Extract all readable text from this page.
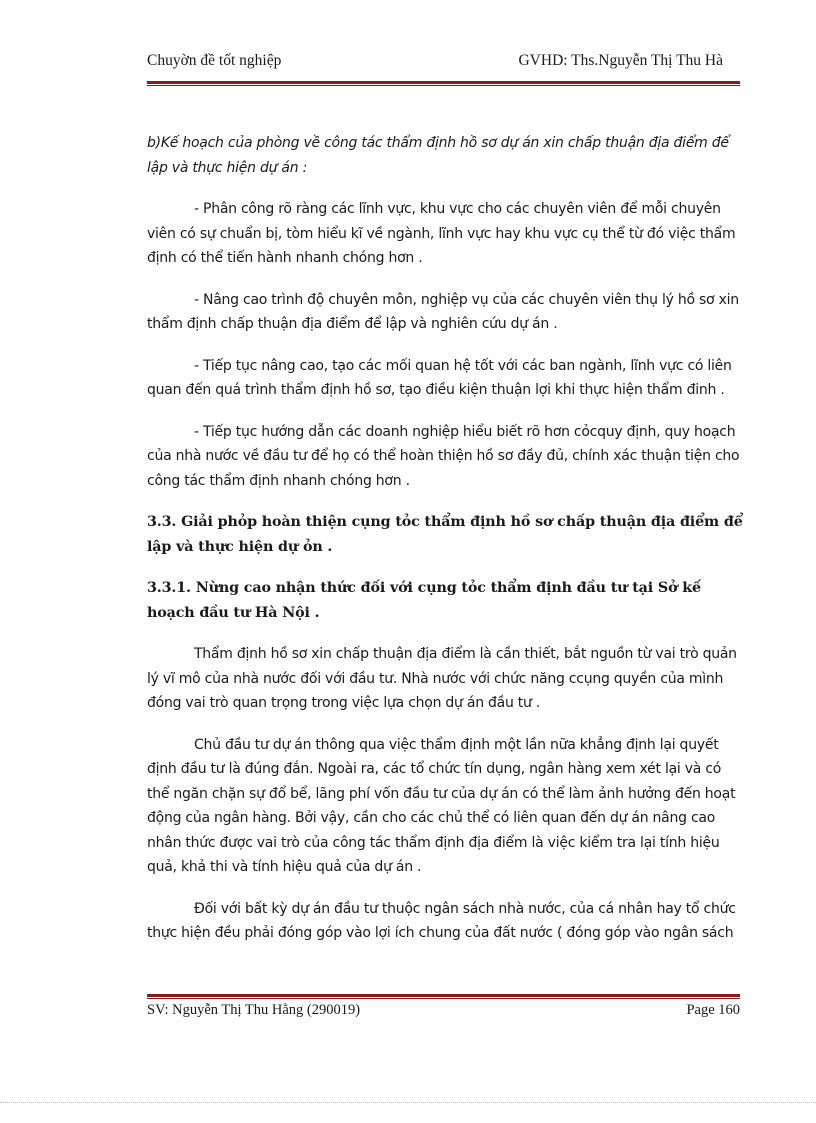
Chuyờn đề tốt nghiệp	GVHD: Ths.Nguyễn Thị Thu Hà

b)Kế hoạch của phòng về công tác thẩm định hồ sơ dự án xin chấp thuận địa điểm để lập và thực hiện dự án :

- Phân công rõ ràng các lĩnh vực, khu vực cho các chuyên viên để mỗi chuyên viên có sự chuẩn bị, tòm hiểu kĩ về ngành, lĩnh vực hay khu vực cụ thể từ đó việc thẩm định có thể tiến hành nhanh chóng hơn .

- Nâng cao trình độ chuyên môn, nghiệp vụ của các chuyên viên thụ lý hồ sơ xin thẩm định chấp thuận địa điểm để lập và nghiên cứu dự án .

- Tiếp tục nâng cao, tạo các mối quan hệ tốt với các ban ngành, lĩnh vực có liên quan đến quá trình thẩm định hồ sơ, tạo điều kiện thuận lợi khi thực hiện thẩm đinh .

- Tiếp tục hướng dẫn các doanh nghiệp hiểu biết rõ hơn cỏcquy định, quy hoạch của nhà nước về đầu tư để họ có thể hoàn thiện hồ sơ đầy đủ, chính xác thuận tiện cho công tác thẩm định nhanh chóng hơn .

3.3. Giải phỏp hoàn thiện cụng tỏc thẩm định hồ sơ chấp thuận địa điểm để lập và thực hiện dự ỏn .

3.3.1. Nừng cao nhận thức đối với cụng tỏc thẩm định đầu tư tại Sở kế hoạch đầu tư Hà Nội .

Thẩm định hồ sơ xin chấp thuận địa điểm là cần thiết, bắt nguồn từ vai trò quản lý vĩ mô của nhà nước đối với đầu tư. Nhà nước với chức năng ccụng quyền của mình đóng vai trò quan trọng trong việc lựa chọn dự án đầu tư .

Chủ đầu tư dự án thông qua việc thẩm định một lần nữa khẳng định lại quyết định đầu tư là đúng đắn. Ngoài ra, các tổ chức tín dụng, ngân hàng xem xét lại và có thể ngăn chặn sự đổ bể, lãng phí vốn đầu tư của dự án có thể làm ảnh hưởng đến hoạt động của ngân hàng. Bởi vậy, cần cho các chủ thể có liên quan đến dự án nâng cao nhân thức được vai trò của công tác thẩm định địa điểm là việc kiểm tra lại tính hiệu quả, khả thi và tính hiệu quả của dự án .

Đối với bất kỳ dự án đầu tư thuộc ngân sách nhà nước, của cá nhân hay tổ chức thực hiện đều phải đóng góp vào lợi ích chung của đất nước ( đóng góp vào ngân sách

SV: Nguyễn Thị Thu Hằng (290019)	Page 160
